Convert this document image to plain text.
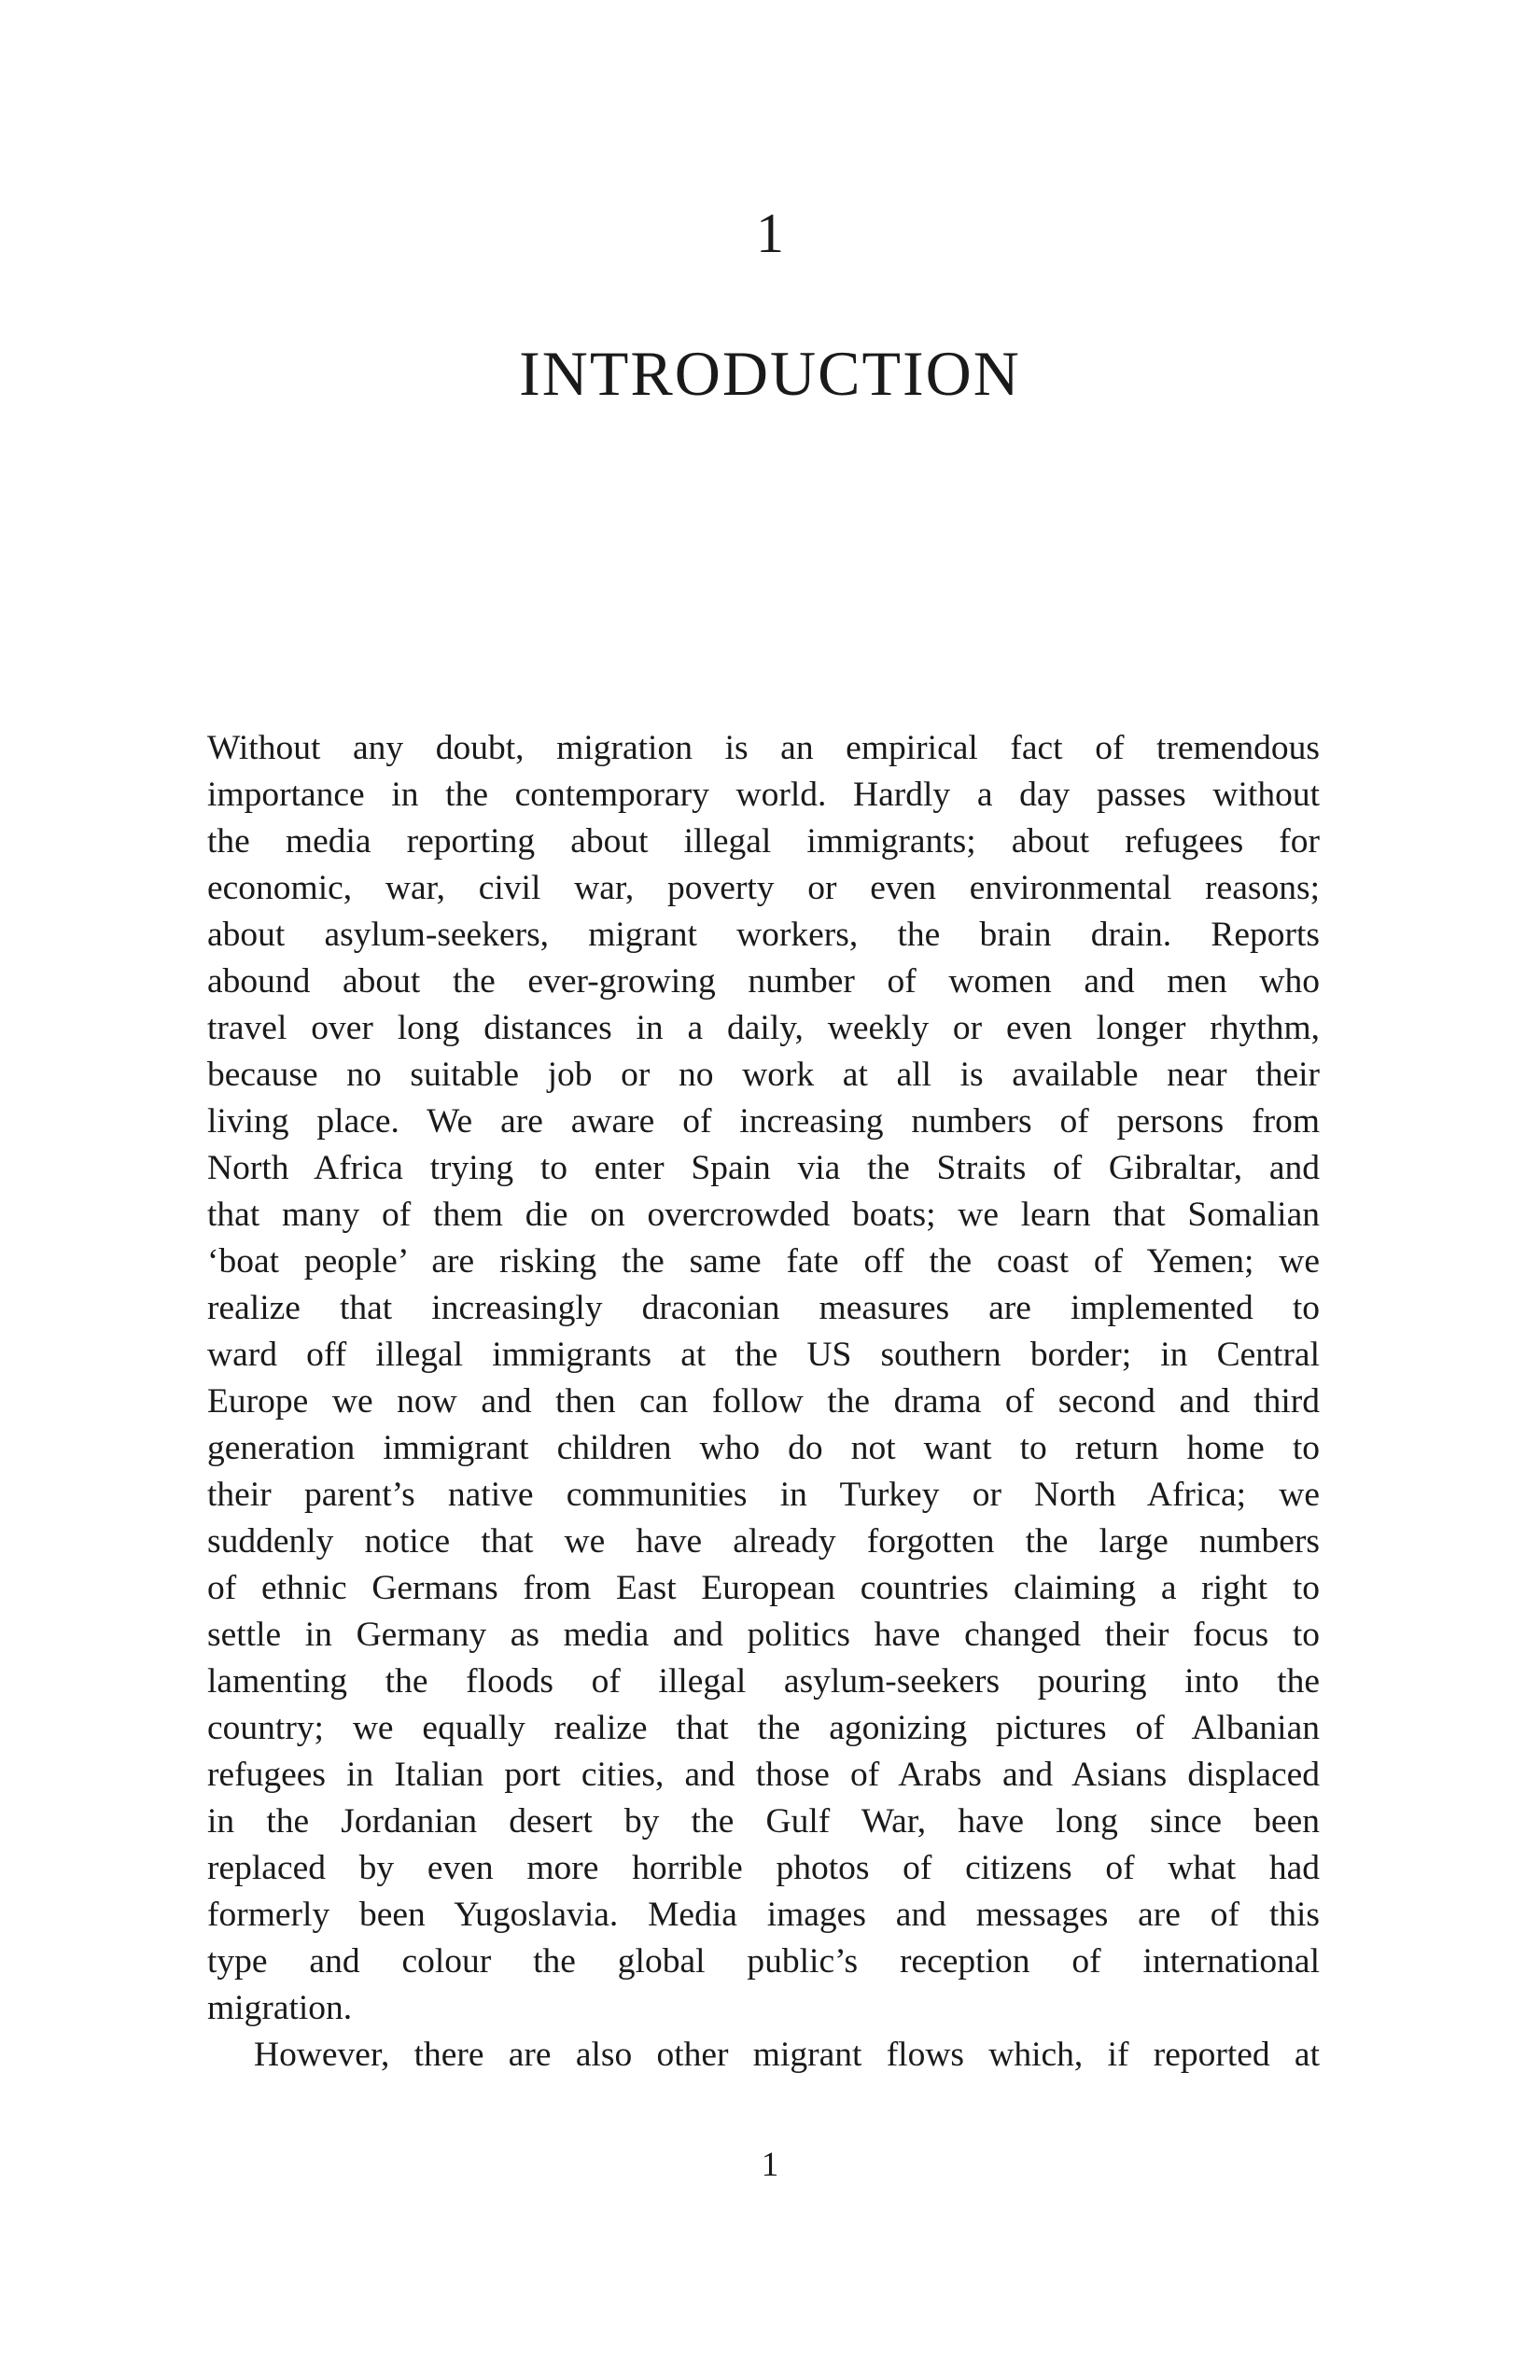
1
INTRODUCTION

Without any doubt, migration is an empirical fact of tremendous

importance in the contemporary world. Hardly a day passes without

the media reporting about illegal immigrants; about refugees for

economic, war, civil war, poverty or even environmental reasons;

about asylum-seekers, migrant workers, the brain drain. Reports

abound about the ever-growing number of women and men who

travel over long distances in a daily, weekly or even longer rhythm,

because no suitable job or no work at all is available near their

living place. We are aware of increasing numbers of persons from

North Africa trying to enter Spain via the Straits of Gibraltar, and

that many of them die on overcrowded boats; we learn that Somalian

‘boat people’ are risking the same fate off the coast of Yemen; we

realize that increasingly draconian measures are implemented to

ward off illegal immigrants at the US southern border; in Central

Europe we now and then can follow the drama of second and third

generation immigrant children who do not want to return home to

their parent’s native communities in Turkey or North Africa; we

suddenly notice that we have already forgotten the large numbers

of ethnic Germans from East European countries claiming a right to

settle in Germany as media and politics have changed their focus to

lamenting the floods of illegal asylum-seekers pouring into the

country; we equally realize that the agonizing pictures of Albanian

refugees in Italian port cities, and those of Arabs and Asians displaced

in the Jordanian desert by the Gulf War, have long since been

replaced by even more horrible photos of citizens of what had

formerly been Yugoslavia. Media images and messages are of this

type and colour the global public’s reception of international

migration.

However, there are also other migrant flows which, if reported at

1
